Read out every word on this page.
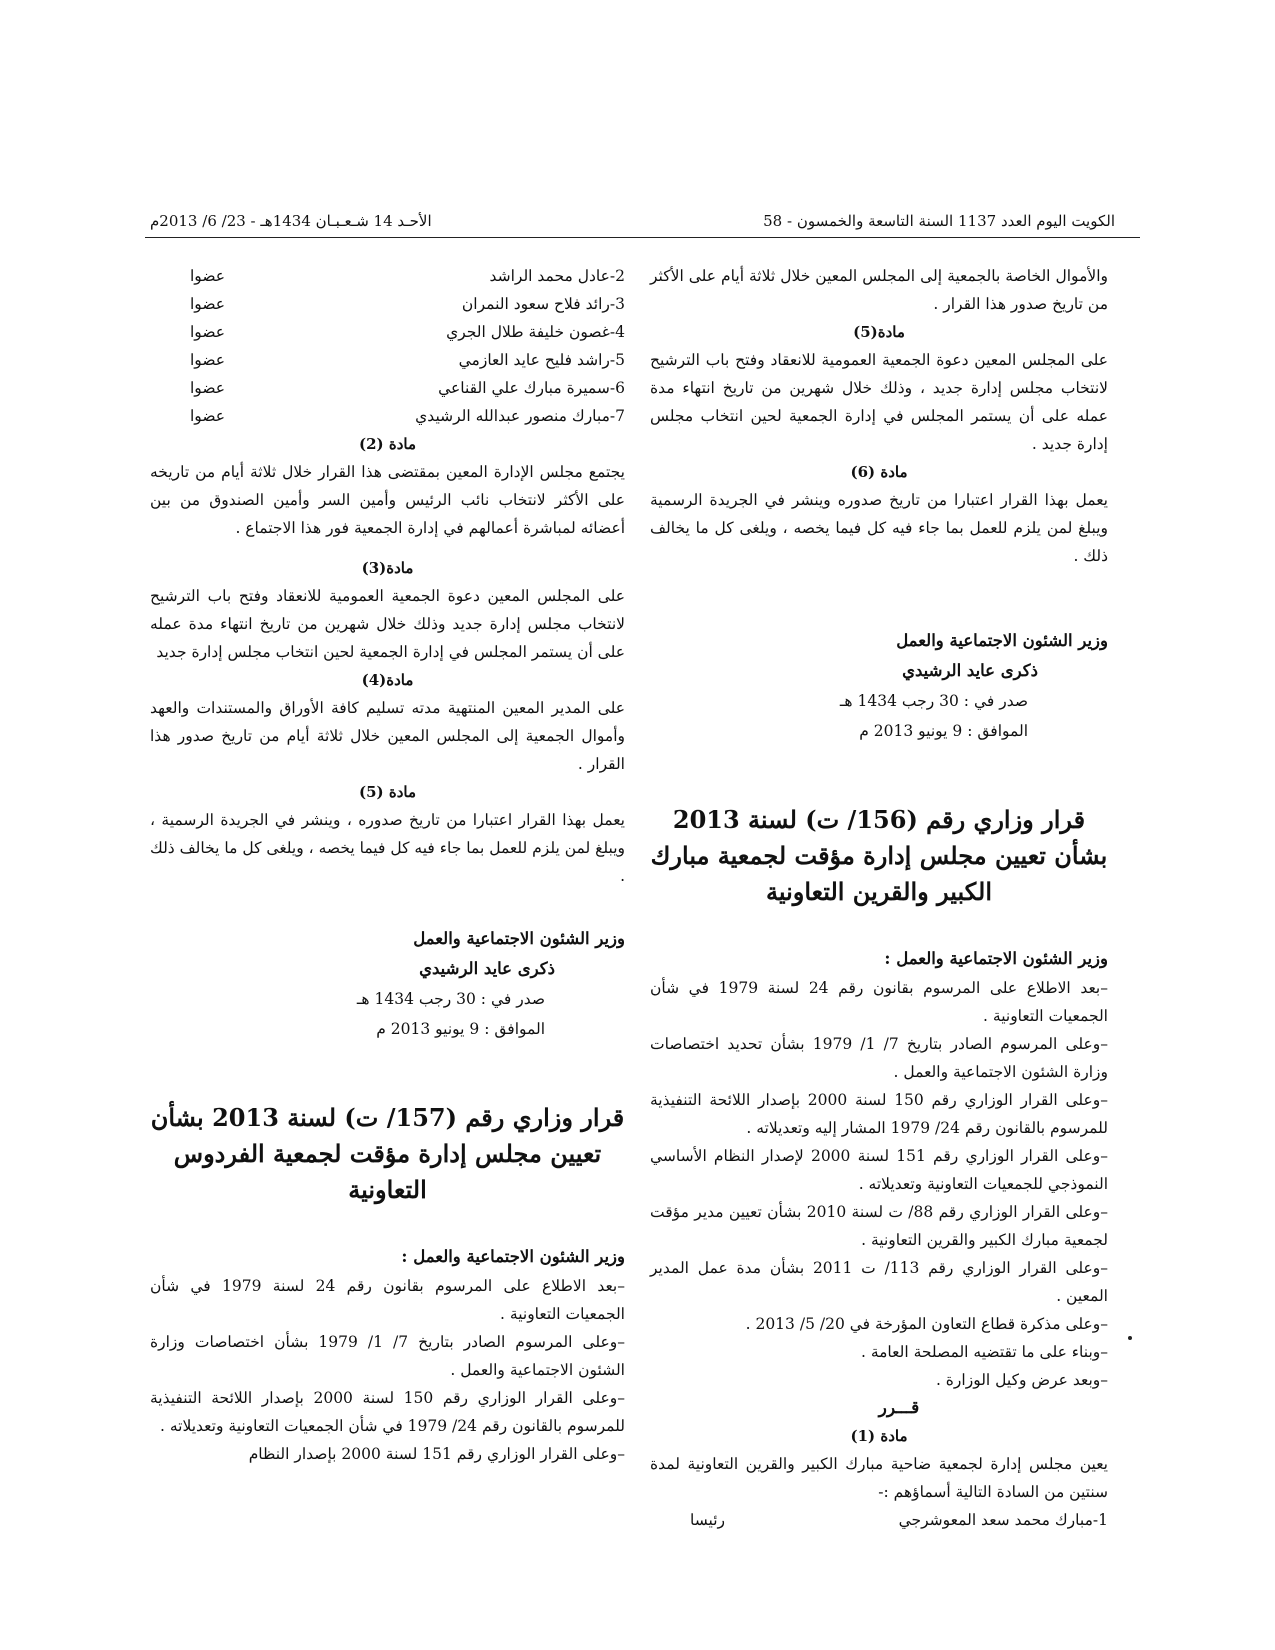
الأحـد 14 شـعـبـان 1434هـ - 23/ 6/ 2013م	الكويت اليوم العدد 1137 السنة التاسعة والخمسون - 58

والأموال الخاصة بالجمعية إلى المجلس المعين خلال ثلاثة أيام على الأكثر من تاريخ صدور هذا القرار .

مادة(5)

على المجلس المعين دعوة الجمعية العمومية للانعقاد وفتح باب الترشيح لانتخاب مجلس إدارة جديد ، وذلك خلال شهرين من تاريخ انتهاء مدة عمله على أن يستمر المجلس في إدارة الجمعية لحين انتخاب مجلس إدارة جديد .

مادة (6)

يعمل بهذا القرار اعتبارا من تاريخ صدوره وينشر في الجريدة الرسمية ويبلغ لمن يلزم للعمل بما جاء فيه كل فيما يخصه ، ويلغى كل ما يخالف ذلك .

وزير الشئون الاجتماعية والعمل

ذكرى عايد الرشيدي

صدر في : 30 رجب 1434 هـ

الموافق : 9 يونيو 2013 م

قرار وزاري رقم (156/ ت) لسنة 2013 بشأن تعيين مجلس إدارة مؤقت لجمعية مبارك الكبير والقرين التعاونية

وزير الشئون الاجتماعية والعمل :

–بعد الاطلاع على المرسوم بقانون رقم 24 لسنة 1979 في شأن الجمعيات التعاونية .

–وعلى المرسوم الصادر بتاريخ 7/ 1/ 1979 بشأن تحديد اختصاصات وزارة الشئون الاجتماعية والعمل .

–وعلى القرار الوزاري رقم 150 لسنة 2000 بإصدار اللائحة التنفيذية للمرسوم بالقانون رقم 24/ 1979 المشار إليه وتعديلاته .

–وعلى القرار الوزاري رقم 151 لسنة 2000 لإصدار النظام الأساسي النموذجي للجمعيات التعاونية وتعديلاته .

–وعلى القرار الوزاري رقم 88/ ت لسنة 2010 بشأن تعيين مدير مؤقت لجمعية مبارك الكبير والقرين التعاونية .

–وعلى القرار الوزاري رقم 113/ ت 2011 بشأن مدة عمل المدير المعين .

–وعلى مذكرة قطاع التعاون المؤرخة في 20/ 5/ 2013 .

–وبناء على ما تقتضيه المصلحة العامة .

–وبعد عرض وكيل الوزارة .

قـــرر

مادة (1)

يعين مجلس إدارة لجمعية ضاحية مبارك الكبير والقرين التعاونية لمدة سنتين من السادة التالية أسماؤهم :-

1-مبارك محمد سعد المعوشرجي
رئيسا
2-عادل محمد الراشد
عضوا
3-رائد فلاح سعود النمران
عضوا
4-غصون خليفة طلال الجري
عضوا
5-راشد فليح عايد العازمي
عضوا
6-سميرة مبارك علي القناعي
عضوا
7-مبارك منصور عبدالله الرشيدي
عضوا

مادة (2)

يجتمع مجلس الإدارة المعين بمقتضى هذا القرار خلال ثلاثة أيام من تاريخه على الأكثر لانتخاب نائب الرئيس وأمين السر وأمين الصندوق من بين أعضائه لمباشرة أعمالهم في إدارة الجمعية فور هذا الاجتماع .

مادة(3)

على المجلس المعين دعوة الجمعية العمومية للانعقاد وفتح باب الترشيح لانتخاب مجلس إدارة جديد وذلك خلال شهرين من تاريخ انتهاء مدة عمله على أن يستمر المجلس في إدارة الجمعية لحين انتخاب مجلس إدارة جديد

مادة(4)

على المدير المعين المنتهية مدته تسليم كافة الأوراق والمستندات والعهد وأموال الجمعية إلى المجلس المعين خلال ثلاثة أيام من تاريخ صدور هذا القرار .

مادة (5)

يعمل بهذا القرار اعتبارا من تاريخ صدوره ، وينشر في الجريدة الرسمية ، ويبلغ لمن يلزم للعمل بما جاء فيه كل فيما يخصه ، ويلغى كل ما يخالف ذلك .

وزير الشئون الاجتماعية والعمل

ذكرى عايد الرشيدي

صدر في : 30 رجب 1434 هـ

الموافق : 9 يونيو 2013 م

قرار وزاري رقم (157/ ت) لسنة 2013 بشأن تعيين مجلس إدارة مؤقت لجمعية الفردوس التعاونية

وزير الشئون الاجتماعية والعمل :

–بعد الاطلاع على المرسوم بقانون رقم 24 لسنة 1979 في شأن الجمعيات التعاونية .

–وعلى المرسوم الصادر بتاريخ 7/ 1/ 1979 بشأن اختصاصات وزارة الشئون الاجتماعية والعمل .

–وعلى القرار الوزاري رقم 150 لسنة 2000 بإصدار اللائحة التنفيذية للمرسوم بالقانون رقم 24/ 1979 في شأن الجمعيات التعاونية وتعديلاته .

–وعلى القرار الوزاري رقم 151 لسنة 2000 بإصدار النظام
